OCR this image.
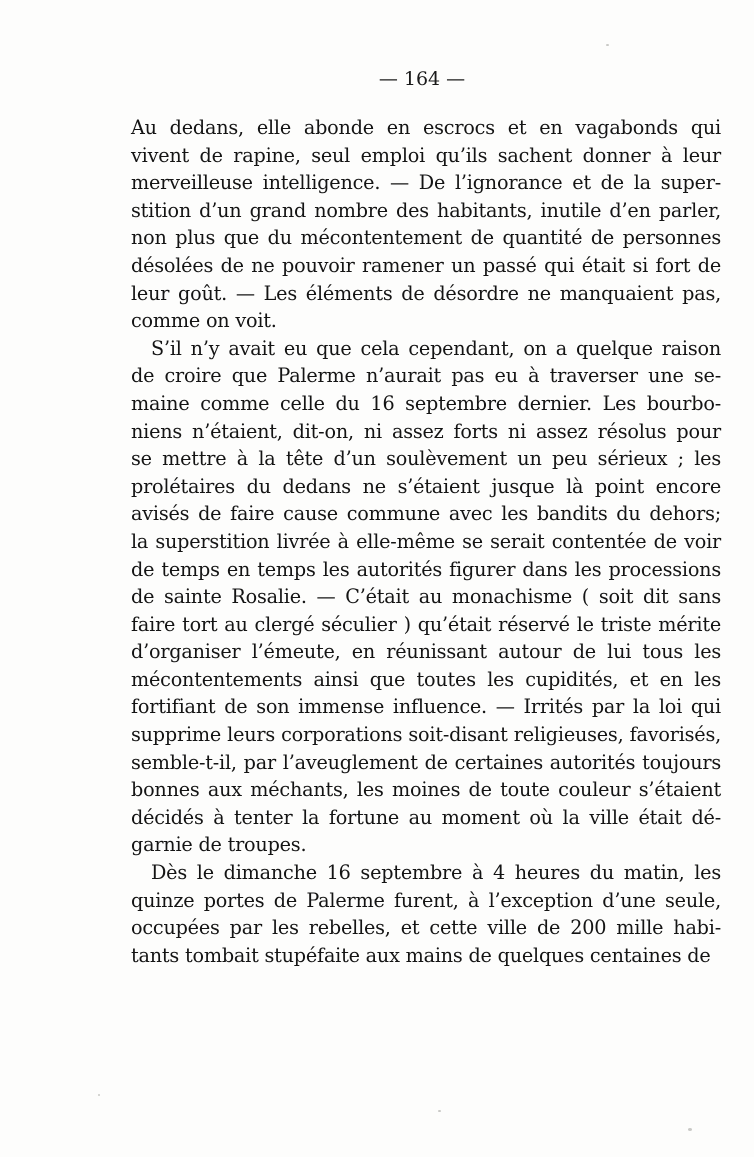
— 164 —
Au dedans, elle abonde en escrocs et en vagabonds qui
vivent de rapine, seul emploi qu’ils sachent donner à leur
merveilleuse intelligence. — De l’ignorance et de la super-
stition d’un grand nombre des habitants, inutile d’en parler,
non plus que du mécontentement de quantité de personnes
désolées de ne pouvoir ramener un passé qui était si fort de
leur goût. — Les éléments de désordre ne manquaient pas,
comme on voit.
S’il n’y avait eu que cela cependant, on a quelque raison
de croire que Palerme n’aurait pas eu à traverser une se-
maine comme celle du 16 septembre dernier. Les bourbo-
niens n’étaient, dit-on, ni assez forts ni assez résolus pour
se mettre à la tête d’un soulèvement un peu sérieux ; les
prolétaires du dedans ne s’étaient jusque là point encore
avisés de faire cause commune avec les bandits du dehors;
la superstition livrée à elle-même se serait contentée de voir
de temps en temps les autorités figurer dans les processions
de sainte Rosalie. — C’était au monachisme ( soit dit sans
faire tort au clergé séculier ) qu’était réservé le triste mérite
d’organiser l’émeute, en réunissant autour de lui tous les
mécontentements ainsi que toutes les cupidités, et en les
fortifiant de son immense influence. — Irrités par la loi qui
supprime leurs corporations soit-disant religieuses, favorisés,
semble-t-il, par l’aveuglement de certaines autorités toujours
bonnes aux méchants, les moines de toute couleur s’étaient
décidés à tenter la fortune au moment où la ville était dé-
garnie de troupes.
Dès le dimanche 16 septembre à 4 heures du matin, les
quinze portes de Palerme furent, à l’exception d’une seule,
occupées par les rebelles, et cette ville de 200 mille habi-
tants tombait stupéfaite aux mains de quelques centaines de
